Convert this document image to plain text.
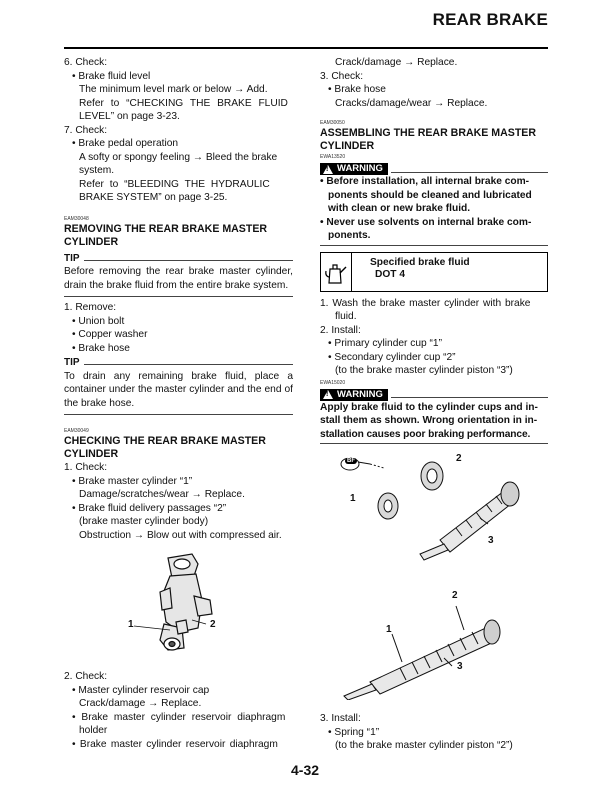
REAR BRAKE
6. Check:
• Brake fluid level
The minimum level mark or below → Add.
Refer to “CHECKING THE BRAKE FLUID
LEVEL” on page 3-23.
7. Check:
• Brake pedal operation
A softy or spongy feeling → Bleed the brake
system.
Refer to “BLEEDING THE HYDRAULIC
BRAKE SYSTEM” on page 3-25.
EAM30048
REMOVING THE REAR BRAKE MASTER
CYLINDER
TIP
Before removing the rear brake master cylinder, drain the brake fluid from the entire brake system.
1. Remove:
• Union bolt
• Copper washer
• Brake hose
TIP
To drain any remaining brake fluid, place a container under the master cylinder and the end of the brake hose.
EAM30049
CHECKING THE REAR BRAKE MASTER
CYLINDER
1. Check:
• Brake master cylinder “1”
Damage/scratches/wear → Replace.
• Brake fluid delivery passages “2”
(brake master cylinder body)
Obstruction → Blow out with compressed air.
1	2
2. Check:
• Master cylinder reservoir cap
Crack/damage → Replace.
• Brake master cylinder reservoir diaphragm
holder
• Brake master cylinder reservoir diaphragm
Crack/damage → Replace.
3. Check:
• Brake hose
Cracks/damage/wear → Replace.
EAM30050
ASSEMBLING THE REAR BRAKE MASTER
CYLINDER
EWA13520
! WARNING
• Before installation, all internal brake com-
ponents should be cleaned and lubricated
with clean or new brake fluid.
• Never use solvents on internal brake com-
ponents.
Specified brake fluid
DOT 4
1. Wash the brake master cylinder with brake
fluid.
2. Install:
• Primary cylinder cup “1”
• Secondary cylinder cup “2”
(to the brake master cylinder piston “3”)
EWA15020
! WARNING
Apply brake fluid to the cylinder cups and in-
stall them as shown. Wrong orientation in in-
stallation causes poor braking performance.
BF	2
1
3
2
1
3
3. Install:
• Spring “1”
(to the brake master cylinder piston “2”)
4-32
